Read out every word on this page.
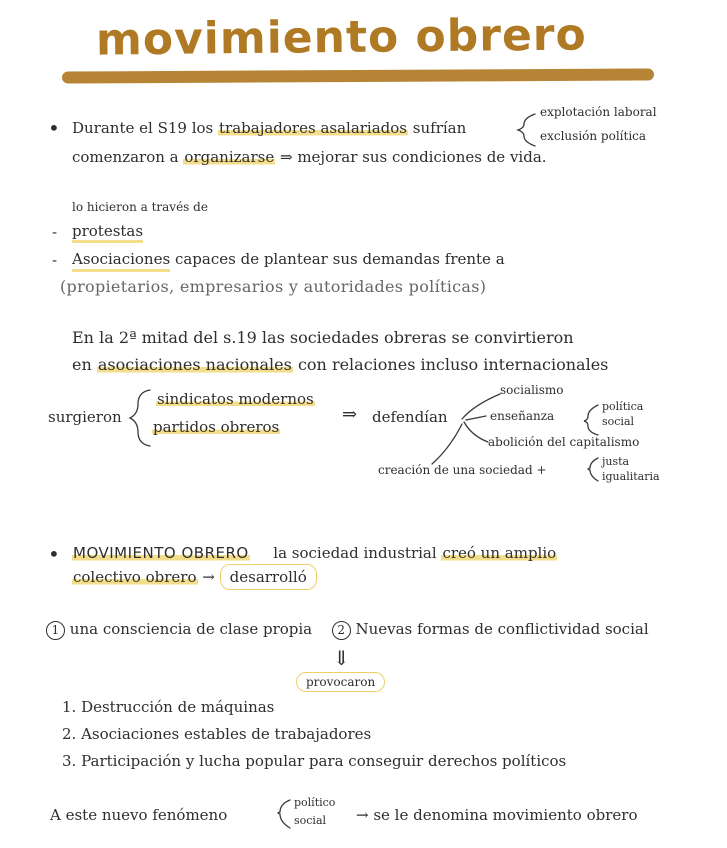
movimiento obrero
• Durante el S19 los trabajadores asalariados sufrían
explotación laboral
exclusión política
comenzaron a organizarse ⇒ mejorar sus condiciones de vida.
lo hicieron a través de
- protestas
- Asociaciones capaces de plantear sus demandas frente a
(propietarios, empresarios y autoridades políticas)
En la 2ª mitad del s.19 las sociedades obreras se convirtieron
en asociaciones nacionales con relaciones incluso internacionales
surgieron
sindicatos modernos
partidos obreros
⇒ defendían
socialismo
enseñanza
política
social
abolición del capitalismo
creación de una sociedad +
justa
igualitaria
• MOVIMIENTO OBRERO la sociedad industrial creó un amplio
colectivo obrero → desarrolló
1 una consciencia de clase propia 2 Nuevas formas de conflictividad social
⇓
provocaron
1. Destrucción de máquinas
2. Asociaciones estables de trabajadores
3. Participación y lucha popular para conseguir derechos políticos
A este nuevo fenómeno
político
social → se le denomina movimiento obrero
